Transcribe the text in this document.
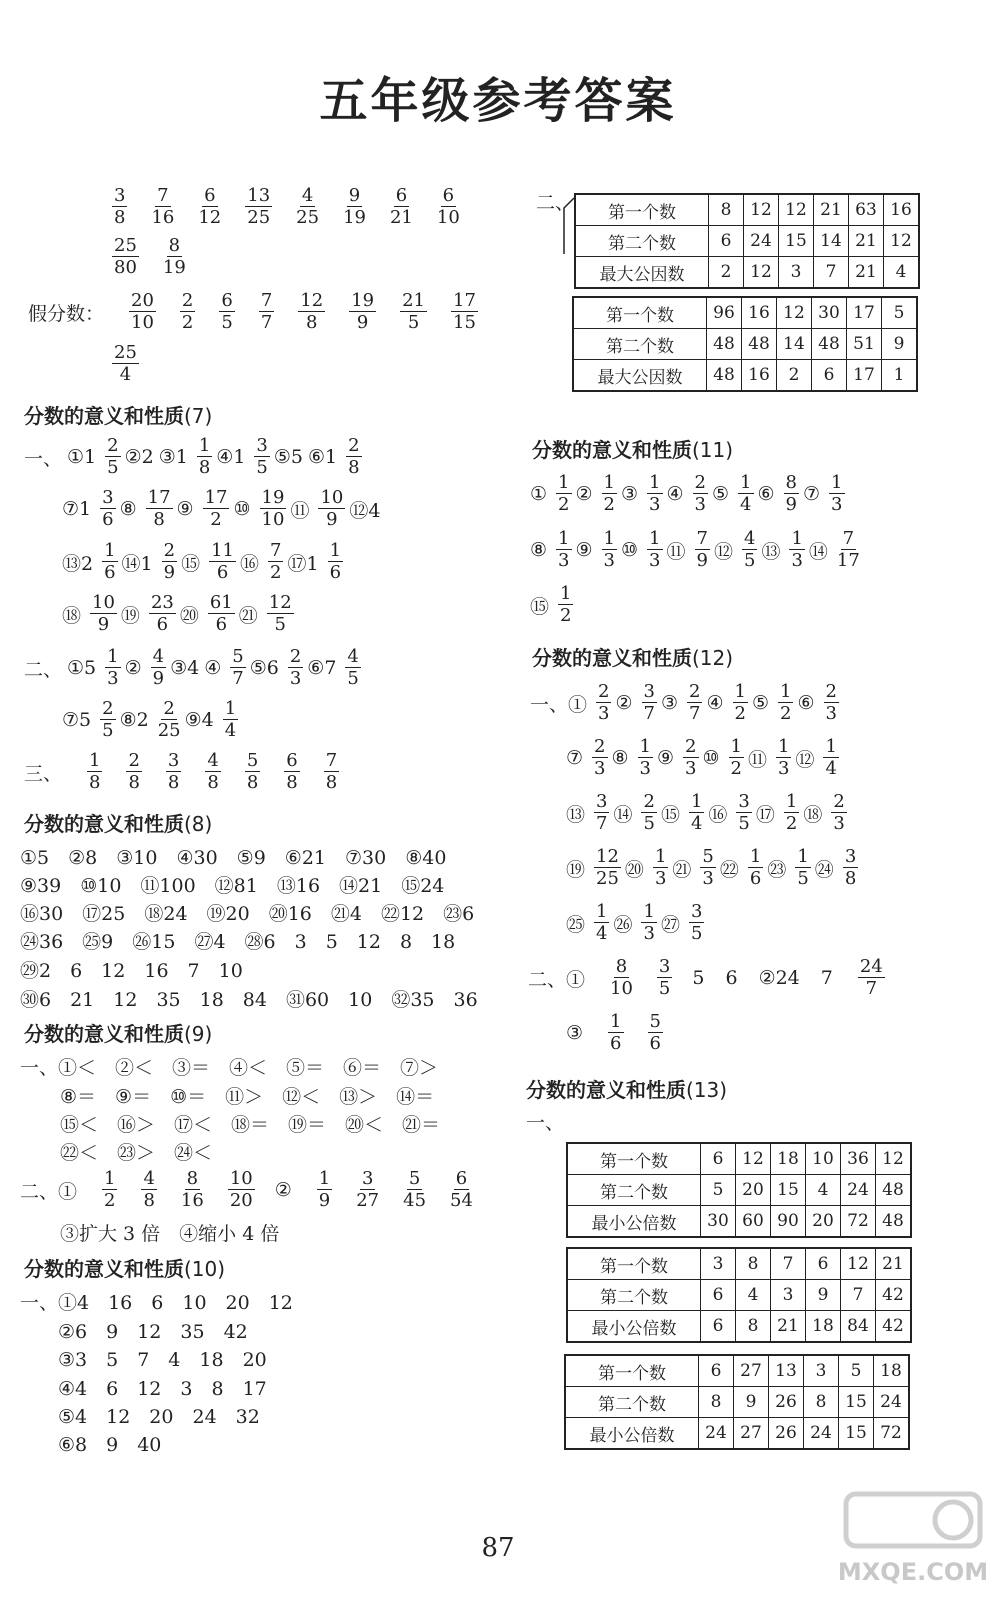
五年级参考答案
$\frac{3}{8} \frac{7}{16} \frac{6}{12} \frac{13}{25} \frac{4}{25} \frac{9}{19} \frac{6}{21} \frac{6}{10}$
$\frac{25}{80} \frac{8}{19}$
假分数： $\frac{20}{10} \frac{2}{2} \frac{6}{5} \frac{7}{7} \frac{12}{8} \frac{19}{9} \frac{21}{5} \frac{17}{15}$
$\frac{25}{4}$
分数的意义和性质(7)
一、 ①1 $\frac{2}{5}$ ②2 ③1 $\frac{1}{8}$ ④1 $\frac{3}{5}$ ⑤5 ⑥1 $\frac{2}{8}$
⑦1 $\frac{3}{6}$ ⑧ $\frac{17}{8}$ ⑨ $\frac{17}{2}$ ⑩ $\frac{19}{10}$ ⑪ $\frac{10}{9}$ ⑫4
⑬2 $\frac{1}{6}$ ⑭1 $\frac{2}{9}$ ⑮ $\frac{11}{6}$ ⑯ $\frac{7}{2}$ ⑰1 $\frac{1}{6}$
⑱ $\frac{10}{9}$ ⑲ $\frac{23}{6}$ ⑳ $\frac{61}{6}$ ㉑ $\frac{12}{5}$
二、 ①5 $\frac{1}{3}$ ② $\frac{4}{9}$ ③4 ④ $\frac{5}{7}$ ⑤6 $\frac{2}{3}$ ⑥7 $\frac{4}{5}$
⑦5 $\frac{2}{5}$ ⑧2 $\frac{2}{25}$ ⑨4 $\frac{1}{4}$
三、 $\frac{1}{8} \frac{2}{8} \frac{3}{8} \frac{4}{8} \frac{5}{8} \frac{6}{8} \frac{7}{8}$
分数的意义和性质(8)
①5　②8　③10　④30　⑤9　⑥21　⑦30　⑧40
⑨39　⑩10　⑪100　⑫81　⑬16　⑭21　⑮24
⑯30　⑰25　⑱24　⑲20　⑳16　㉑4　㉒12　㉓6
㉔36　㉕9　㉖15　㉗4　㉘6　3　5　12　8　18
㉙2　6　12　16　7　10
㉚6　21　12　35　18　84　㉛60　10　㉜35　36
分数的意义和性质(9)
一、①＜　②＜　③＝　④＜　⑤＝　⑥＝　⑦＞
⑧＝　⑨＝　⑩＝　⑪＞　⑫＜　⑬＞　⑭＝
⑮＜　⑯＞　⑰＜　⑱＝　⑲＝　⑳＜　㉑＝
㉒＜　㉓＞　㉔＜
二、① $\frac{1}{2} \frac{4}{8} \frac{8}{16} \frac{10}{20}$ ② $\frac{1}{9} \frac{3}{27} \frac{5}{45} \frac{6}{54}$
③扩大 3 倍　④缩小 4 倍
分数的意义和性质(10)
一、①4　16　6　10　20　12
②6　9　12　35　42
③3　5　7　4　18　20
④4　6　12　3　8　17
⑤4　12　20　24　32
⑥8　9　40
二、 第一个数	8	12	12	21	63	16
第二个数	6	24	15	14	21	12
最大公因数	2	12	3	7	21	4
第一个数	96	16	12	30	17	5
第二个数	48	48	14	48	51	9
最大公因数	48	16	2	6	17	1
分数的意义和性质(11)
① $\frac{1}{2}$ ② $\frac{1}{2}$ ③ $\frac{1}{3}$ ④ $\frac{2}{3}$ ⑤ $\frac{1}{4}$ ⑥ $\frac{8}{9}$ ⑦ $\frac{1}{3}$
⑧ $\frac{1}{3}$ ⑨ $\frac{1}{3}$ ⑩ $\frac{1}{3}$ ⑪ $\frac{7}{9}$ ⑫ $\frac{4}{5}$ ⑬ $\frac{1}{3}$ ⑭ $\frac{7}{17}$
⑮ $\frac{1}{2}$
分数的意义和性质(12)
一、① $\frac{2}{3}$ ② $\frac{3}{7}$ ③ $\frac{2}{7}$ ④ $\frac{1}{2}$ ⑤ $\frac{1}{2}$ ⑥ $\frac{2}{3}$
⑦ $\frac{2}{3}$ ⑧ $\frac{1}{3}$ ⑨ $\frac{2}{3}$ ⑩ $\frac{1}{2}$ ⑪ $\frac{1}{3}$ ⑫ $\frac{1}{4}$
⑬ $\frac{3}{7}$ ⑭ $\frac{2}{5}$ ⑮ $\frac{1}{4}$ ⑯ $\frac{3}{5}$ ⑰ $\frac{1}{2}$ ⑱ $\frac{2}{3}$
⑲ $\frac{12}{25}$ ⑳ $\frac{1}{3}$ ㉑ $\frac{5}{3}$ ㉒ $\frac{1}{6}$ ㉓ $\frac{1}{5}$ ㉔ $\frac{3}{8}$
㉕ $\frac{1}{4}$ ㉖ $\frac{1}{3}$ ㉗ $\frac{3}{5}$
二、① $\frac{8}{10} \frac{3}{5} 5$ 6 ②24 $7 \frac{24}{7}$
③ $\frac{1}{6} \frac{5}{6}$
分数的意义和性质(13)
一、
第一个数	6	12	18	10	36	12
第二个数	5	20	15	4	24	48
最小公倍数	30	60	90	20	72	48
第一个数	3	8	7	6	12	21
第二个数	6	4	3	9	7	42
最小公倍数	6	8	21	18	84	42
第一个数	6	27	13	3	5	18
第二个数	8	9	26	8	15	24
最小公倍数	24	27	26	24	15	72
87
MXQE.COM
